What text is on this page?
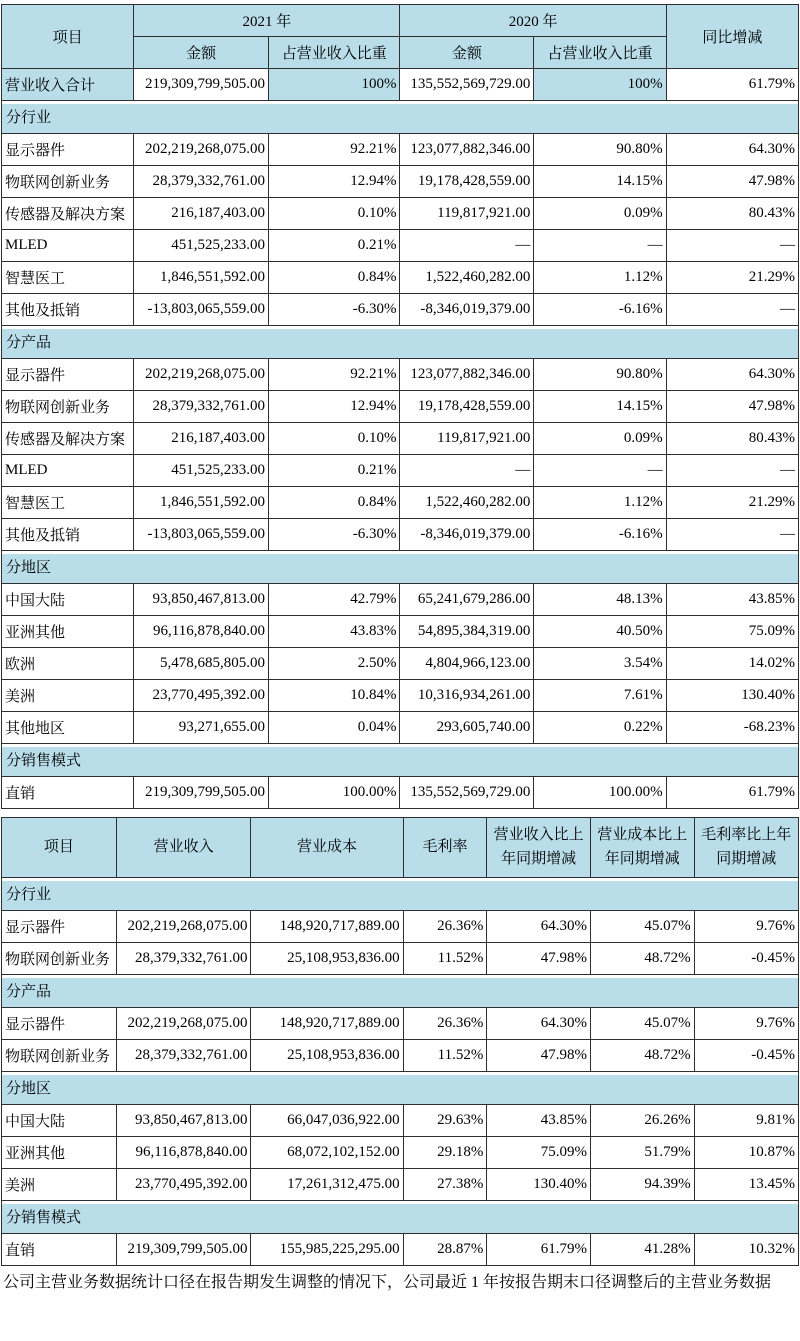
项目	2021 年		2020 年		同比增减
	金额	占营业收入比重	金额	占营业收入比重	
营业收入合计	219,309,799,505.00	100%	135,552,569,729.00	100%	61.79%

分行业					

显示器件	202,219,268,075.00	92.21%	123,077,882,346.00	90.80%	64.30%
物联网创新业务	28,379,332,761.00	12.94%	19,178,428,559.00	14.15%	47.98%
传感器及解决方案	216,187,403.00	0.10%	119,817,921.00	0.09%	80.43%
MLED	451,525,233.00	0.21%	—	—	—
智慧医工	1,846,551,592.00	0.84%	1,522,460,282.00	1.12%	21.29%
其他及抵销	-13,803,065,559.00	-6.30%	-8,346,019,379.00	-6.16%	—

分产品					

显示器件	202,219,268,075.00	92.21%	123,077,882,346.00	90.80%	64.30%
物联网创新业务	28,379,332,761.00	12.94%	19,178,428,559.00	14.15%	47.98%
传感器及解决方案	216,187,403.00	0.10%	119,817,921.00	0.09%	80.43%
MLED	451,525,233.00	0.21%	—	—	—
智慧医工	1,846,551,592.00	0.84%	1,522,460,282.00	1.12%	21.29%
其他及抵销	-13,803,065,559.00	-6.30%	-8,346,019,379.00	-6.16%	—

分地区					

中国大陆	93,850,467,813.00	42.79%	65,241,679,286.00	48.13%	43.85%
亚洲其他	96,116,878,840.00	43.83%	54,895,384,319.00	40.50%	75.09%
欧洲	5,478,685,805.00	2.50%	4,804,966,123.00	3.54%	14.02%
美洲	23,770,495,392.00	10.84%	10,316,934,261.00	7.61%	130.40%
其他地区	93,271,655.00	0.04%	293,605,740.00	0.22%	-68.23%

分销售模式					

直销	219,309,799,505.00	100.00%	135,552,569,729.00	100.00%	61.79%
项目	营业收入	营业成本	毛利率	营业收入比上年同期增减	营业成本比上年同期增减	毛利率比上年同期增减

分行业						

显示器件	202,219,268,075.00	148,920,717,889.00	26.36%	64.30%	45.07%	9.76%
物联网创新业务	28,379,332,761.00	25,108,953,836.00	11.52%	47.98%	48.72%	-0.45%

分产品						

显示器件	202,219,268,075.00	148,920,717,889.00	26.36%	64.30%	45.07%	9.76%
物联网创新业务	28,379,332,761.00	25,108,953,836.00	11.52%	47.98%	48.72%	-0.45%

分地区						

中国大陆	93,850,467,813.00	66,047,036,922.00	29.63%	43.85%	26.26%	9.81%
亚洲其他	96,116,878,840.00	68,072,102,152.00	29.18%	75.09%	51.79%	10.87%
美洲	23,770,495,392.00	17,261,312,475.00	27.38%	130.40%	94.39%	13.45%

分销售模式						

直销	219,309,799,505.00	155,985,225,295.00	28.87%	61.79%	41.28%	10.32%
公司主营业务数据统计口径在报告期发生调整的情况下，公司最近 1 年按报告期末口径调整后的主营业务数据
